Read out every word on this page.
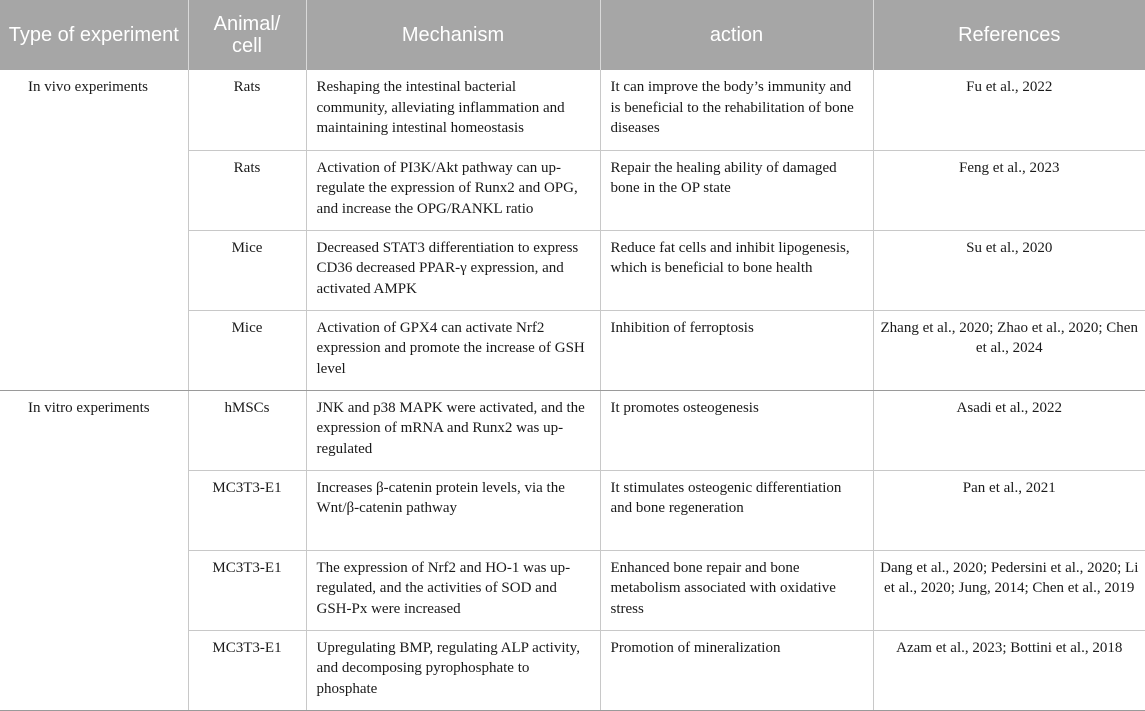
Type of experiment	Animal/ cell	Mechanism	action	References
In vivo experiments	Rats	Reshaping the intestinal bacterial community, alleviating inflammation and maintaining intestinal homeostasis	It can improve the body’s immunity and is beneficial to the rehabilitation of bone diseases	Fu et al., 2022
	Rats	Activation of PI3K/Akt pathway can up-regulate the expression of Runx2 and OPG, and increase the OPG/RANKL ratio	Repair the healing ability of damaged bone in the OP state	Feng et al., 2023
	Mice	Decreased STAT3 differentiation to express CD36 decreased PPAR-γ expression, and activated AMPK	Reduce fat cells and inhibit lipogenesis, which is beneficial to bone health	Su et al., 2020
	Mice	Activation of GPX4 can activate Nrf2 expression and promote the increase of GSH level	Inhibition of ferroptosis	Zhang et al., 2020; Zhao et al., 2020; Chen et al., 2024
In vitro experiments	hMSCs	JNK and p38 MAPK were activated, and the expression of mRNA and Runx2 was up-regulated	It promotes osteogenesis	Asadi et al., 2022
	MC3T3-E1	Increases β-catenin protein levels, via the Wnt/β-catenin pathway	It stimulates osteogenic differentiation and bone regeneration	Pan et al., 2021
	MC3T3-E1	The expression of Nrf2 and HO-1 was up-regulated, and the activities of SOD and GSH-Px were increased	Enhanced bone repair and bone metabolism associated with oxidative stress	Dang et al., 2020; Pedersini et al., 2020; Li et al., 2020; Jung, 2014; Chen et al., 2019
	MC3T3-E1	Upregulating BMP, regulating ALP activity, and decomposing pyrophosphate to phosphate	Promotion of mineralization	Azam et al., 2023; Bottini et al., 2018
